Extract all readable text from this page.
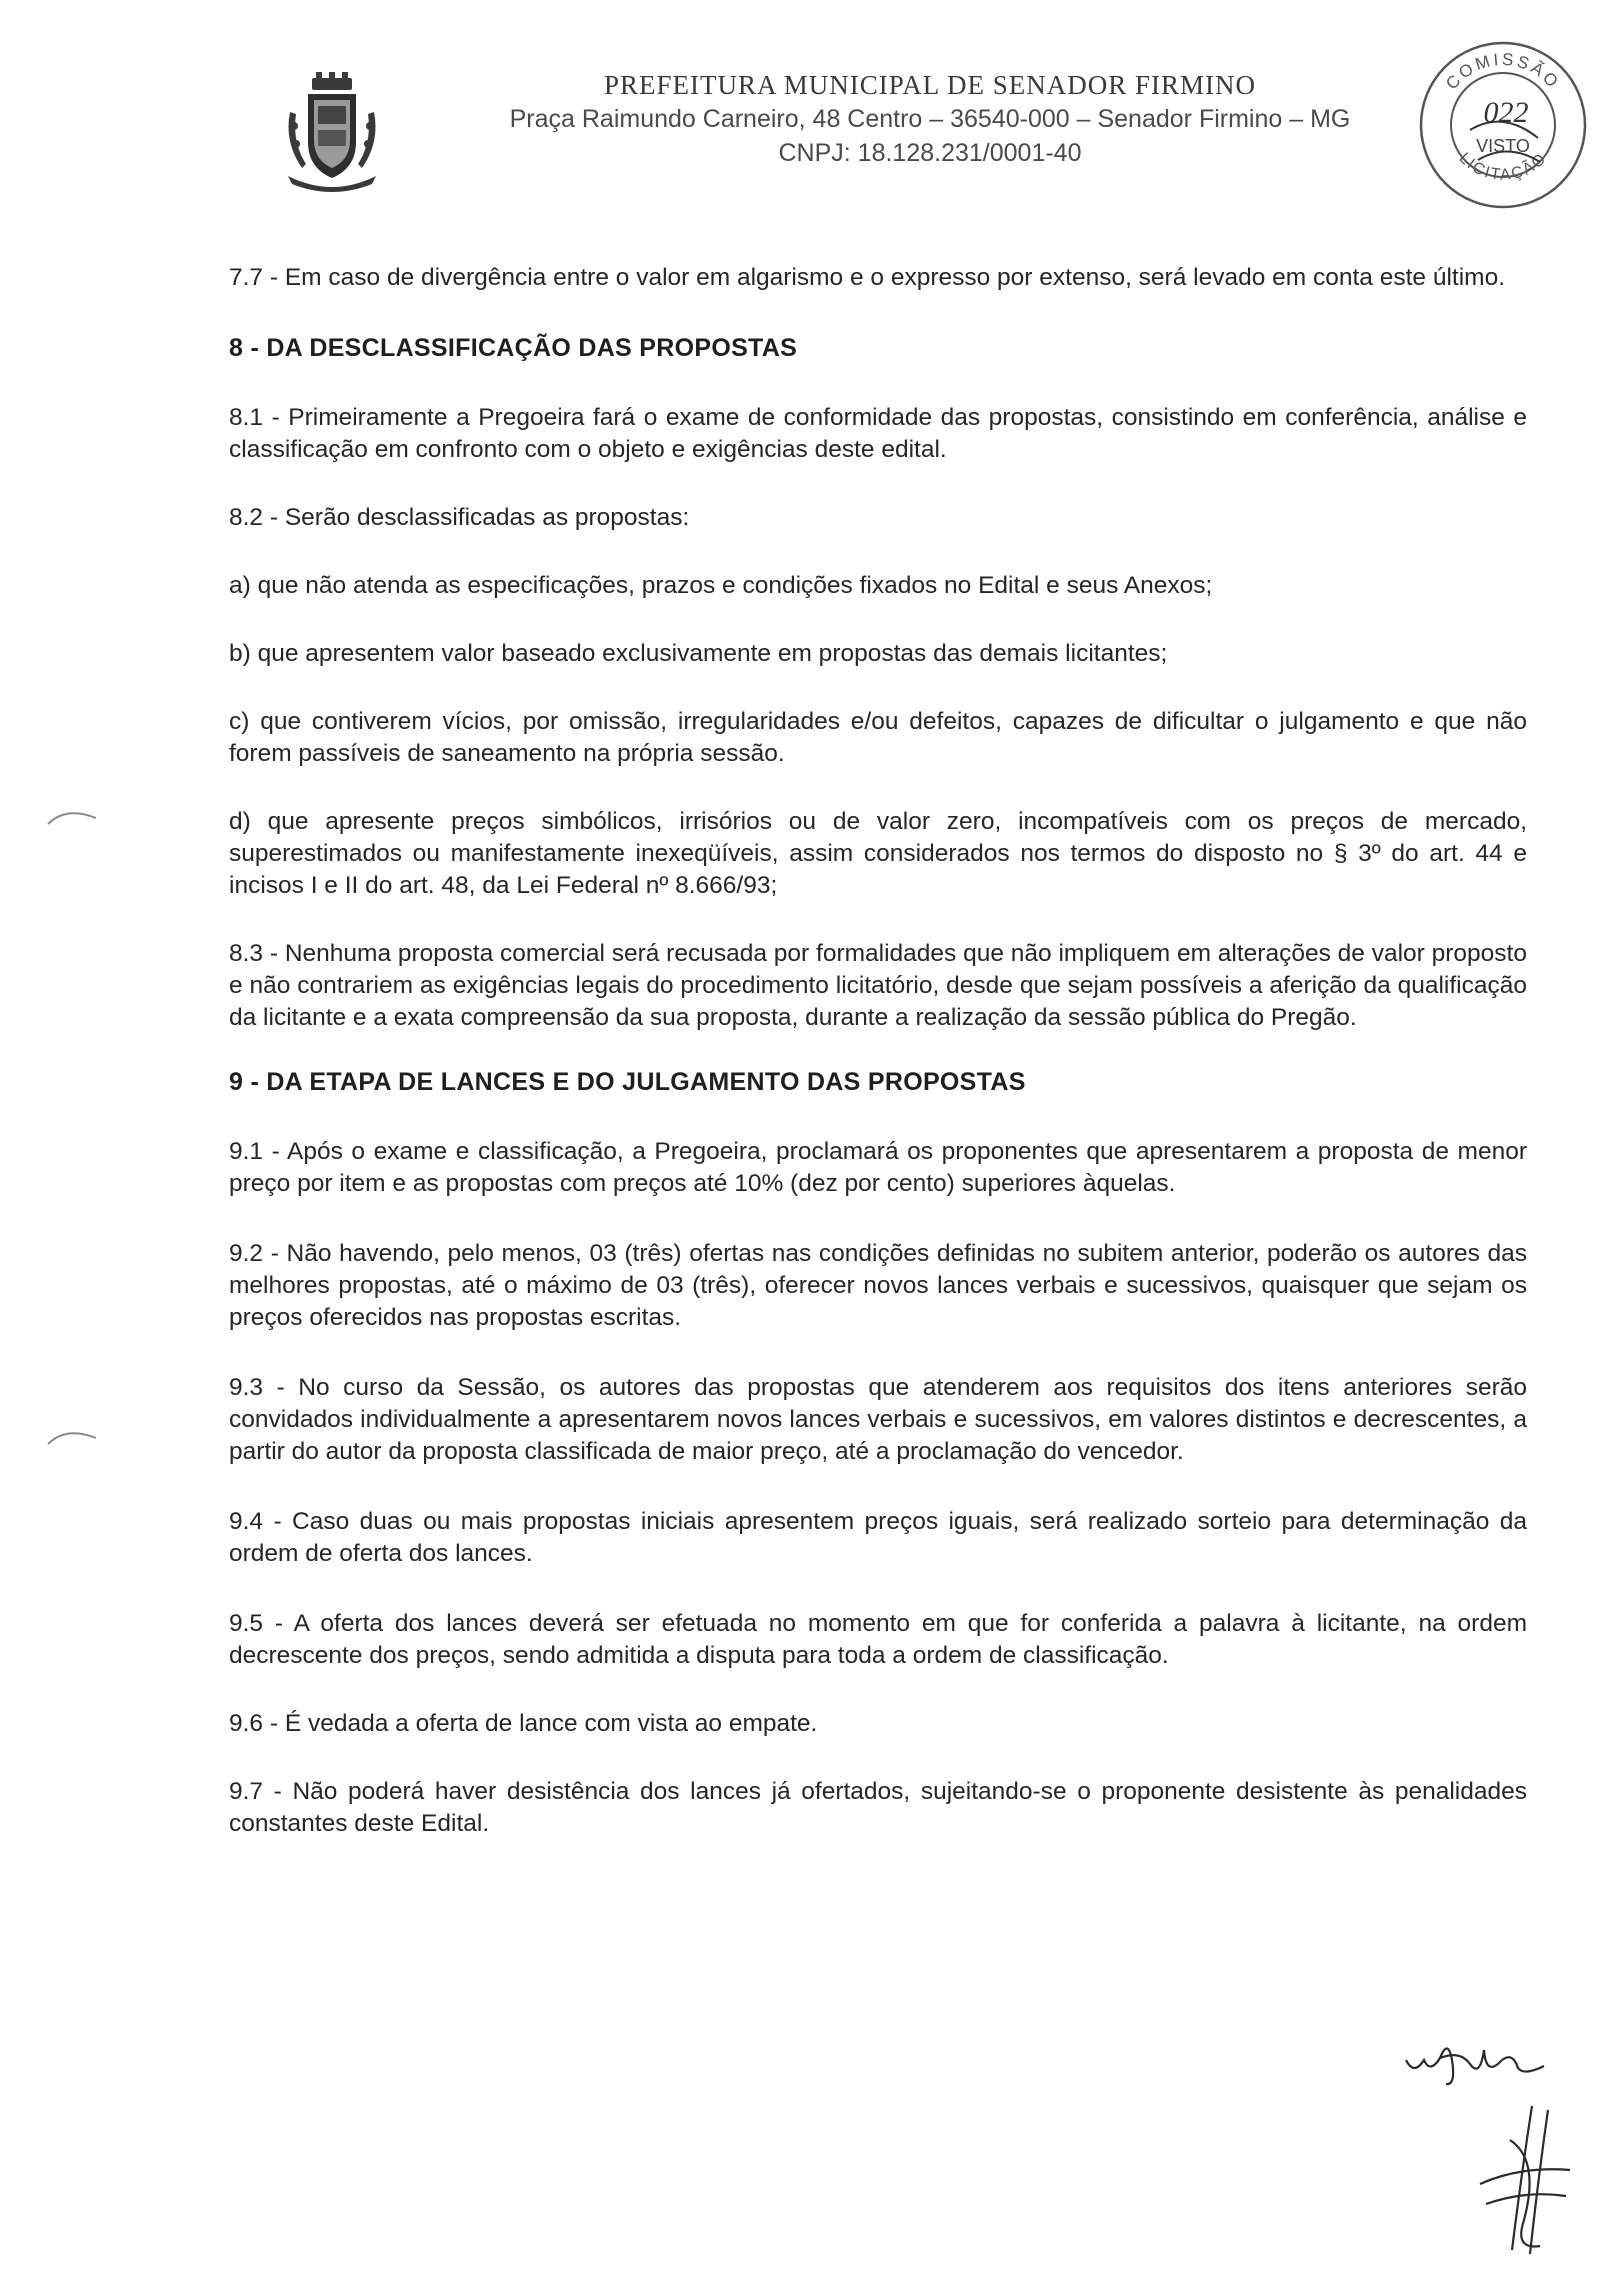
PREFEITURA MUNICIPAL DE SENADOR FIRMINO
Praça Raimundo Carneiro, 48 Centro – 36540-000 – Senador Firmino – MG
CNPJ: 18.128.231/0001-40
COMISSÃO
LICITAÇÃO
022
VISTO

7.7 - Em caso de divergência entre o valor em algarismo e o expresso por extenso, será levado em conta este último.

8 - DA DESCLASSIFICAÇÃO DAS PROPOSTAS

8.1 - Primeiramente a Pregoeira fará o exame de conformidade das propostas, consistindo em conferência, análise e classificação em confronto com o objeto e exigências deste edital.

8.2 - Serão desclassificadas as propostas:

a) que não atenda as especificações, prazos e condições fixados no Edital e seus Anexos;

b) que apresentem valor baseado exclusivamente em propostas das demais licitantes;

c) que contiverem vícios, por omissão, irregularidades e/ou defeitos, capazes de dificultar o julgamento e que não forem passíveis de saneamento na própria sessão.

d) que apresente preços simbólicos, irrisórios ou de valor zero, incompatíveis com os preços de mercado, superestimados ou manifestamente inexeqüíveis, assim considerados nos termos do disposto no § 3º do art. 44 e incisos I e II do art. 48, da Lei Federal nº 8.666/93;

8.3 - Nenhuma proposta comercial será recusada por formalidades que não impliquem em alterações de valor proposto e não contrariem as exigências legais do procedimento licitatório, desde que sejam possíveis a aferição da qualificação da licitante e a exata compreensão da sua proposta, durante a realização da sessão pública do Pregão.

9 - DA ETAPA DE LANCES E DO JULGAMENTO DAS PROPOSTAS

9.1 - Após o exame e classificação, a Pregoeira, proclamará os proponentes que apresentarem a proposta de menor preço por item e as propostas com preços até 10% (dez por cento) superiores àquelas.

9.2 - Não havendo, pelo menos, 03 (três) ofertas nas condições definidas no subitem anterior, poderão os autores das melhores propostas, até o máximo de 03 (três), oferecer novos lances verbais e sucessivos, quaisquer que sejam os preços oferecidos nas propostas escritas.

9.3 - No curso da Sessão, os autores das propostas que atenderem aos requisitos dos itens anteriores serão convidados individualmente a apresentarem novos lances verbais e sucessivos, em valores distintos e decrescentes, a partir do autor da proposta classificada de maior preço, até a proclamação do vencedor.

9.4 - Caso duas ou mais propostas iniciais apresentem preços iguais, será realizado sorteio para determinação da ordem de oferta dos lances.

9.5 - A oferta dos lances deverá ser efetuada no momento em que for conferida a palavra à licitante, na ordem decrescente dos preços, sendo admitida a disputa para toda a ordem de classificação.

9.6 - É vedada a oferta de lance com vista ao empate.

9.7 - Não poderá haver desistência dos lances já ofertados, sujeitando-se o proponente desistente às penalidades constantes deste Edital.
